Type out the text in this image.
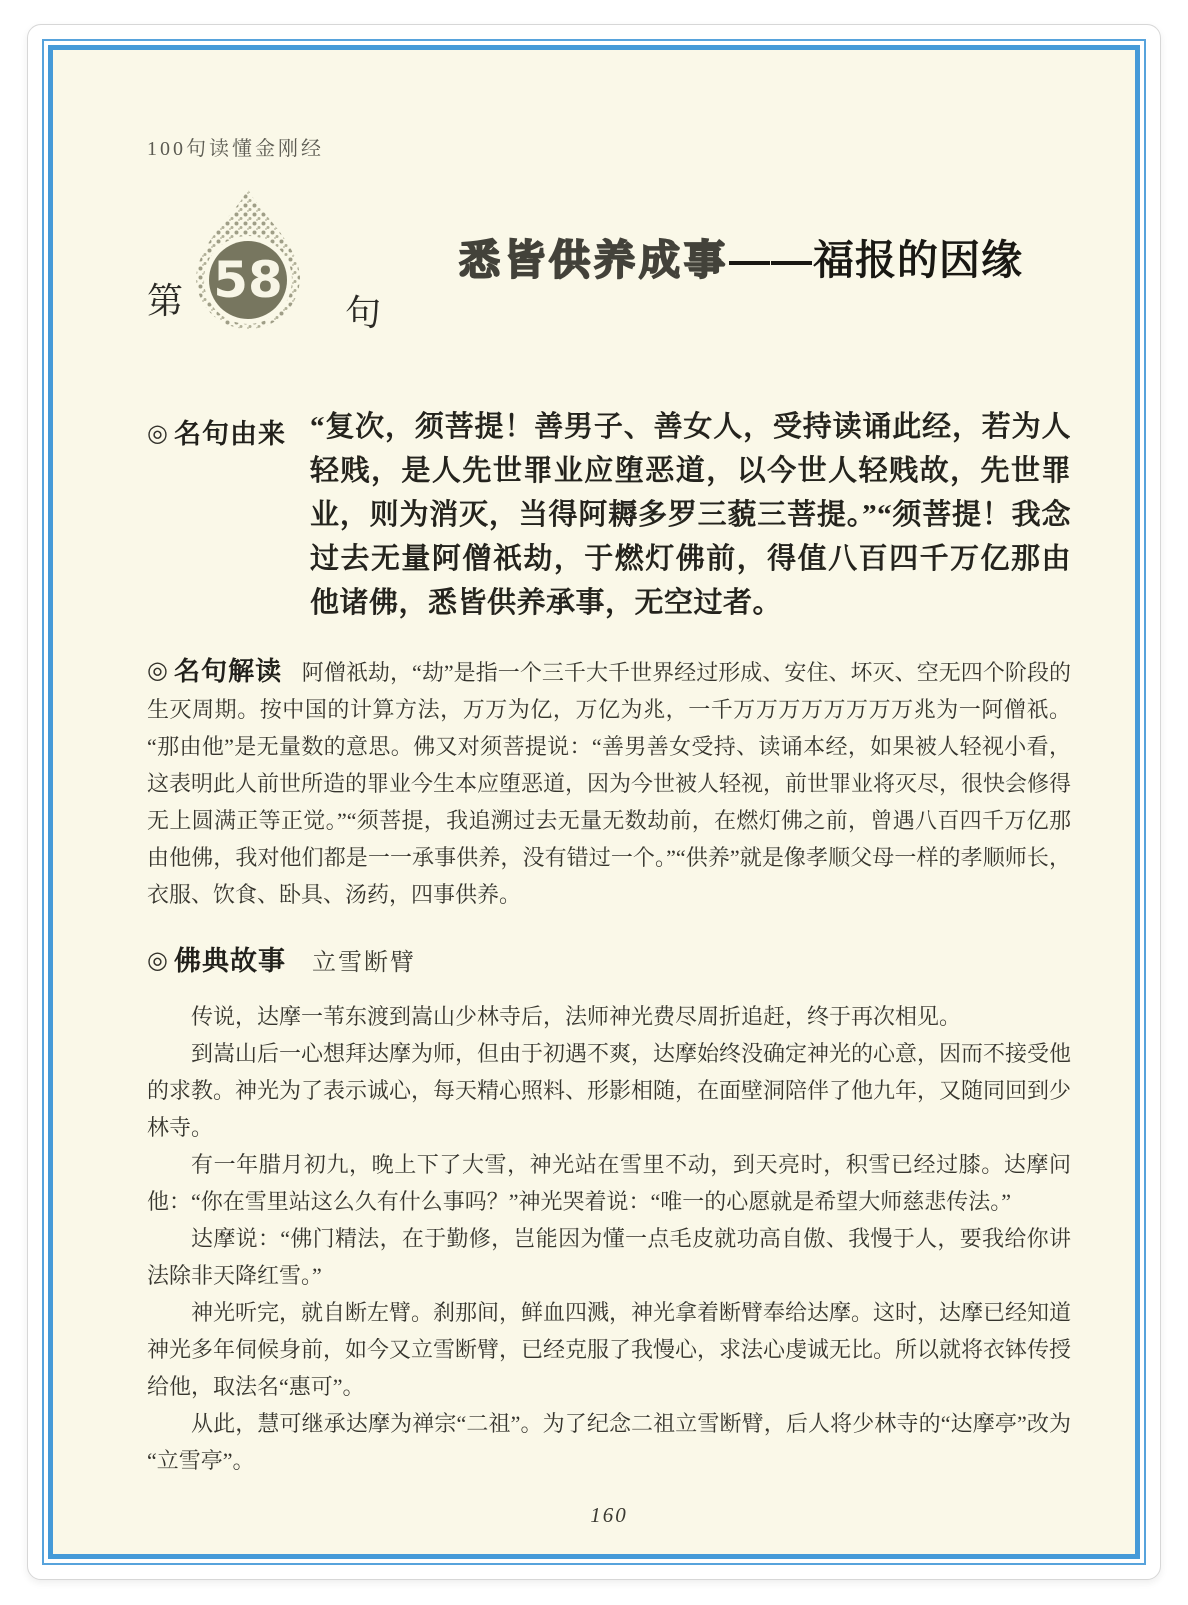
100句读懂金刚经
第 58
句
悉皆供养成事——福报的因缘
◎ 名句由来 “复次，须菩提！善男子、善女人，受持读诵此经，若为人轻贱，是人先世罪业应堕恶道，以今世人轻贱故，先世罪业，则为消灭，当得阿耨多罗三藐三菩提。”“须菩提！我念过去无量阿僧祇劫，于燃灯佛前，得值八百四千万亿那由他诸佛，悉皆供养承事，无空过者。
◎ 名句解读 阿僧祇劫，“劫”是指一个三千大千世界经过形成、安住、坏灭、空无四个阶段的生灭周期。按中国的计算方法，万万为亿，万亿为兆，一千万万万万万万万万兆为一阿僧祇。“那由他”是无量数的意思。佛又对须菩提说：“善男善女受持、读诵本经，如果被人轻视小看，这表明此人前世所造的罪业今生本应堕恶道，因为今世被人轻视，前世罪业将灭尽，很快会修得无上圆满正等正觉。”“须菩提，我追溯过去无量无数劫前，在燃灯佛之前，曾遇八百四千万亿那由他佛，我对他们都是一一承事供养，没有错过一个。”“供养”就是像孝顺父母一样的孝顺师长，衣服、饮食、卧具、汤药，四事供养。
◎ 佛典故事 立雪断臂

传说，达摩一苇东渡到嵩山少林寺后，法师神光费尽周折追赶，终于再次相见。

到嵩山后一心想拜达摩为师，但由于初遇不爽，达摩始终没确定神光的心意，因而不接受他的求教。神光为了表示诚心，每天精心照料、形影相随，在面壁洞陪伴了他九年，又随同回到少林寺。

有一年腊月初九，晚上下了大雪，神光站在雪里不动，到天亮时，积雪已经过膝。达摩问他：“你在雪里站这么久有什么事吗？”神光哭着说：“唯一的心愿就是希望大师慈悲传法。”

达摩说：“佛门精法，在于勤修，岂能因为懂一点毛皮就功高自傲、我慢于人，要我给你讲法除非天降红雪。”

神光听完，就自断左臂。刹那间，鲜血四溅，神光拿着断臂奉给达摩。这时，达摩已经知道神光多年伺候身前，如今又立雪断臂，已经克服了我慢心，求法心虔诚无比。所以就将衣钵传授给他，取法名“惠可”。

从此，慧可继承达摩为禅宗“二祖”。为了纪念二祖立雪断臂，后人将少林寺的“达摩亭”改为“立雪亭”。

160
